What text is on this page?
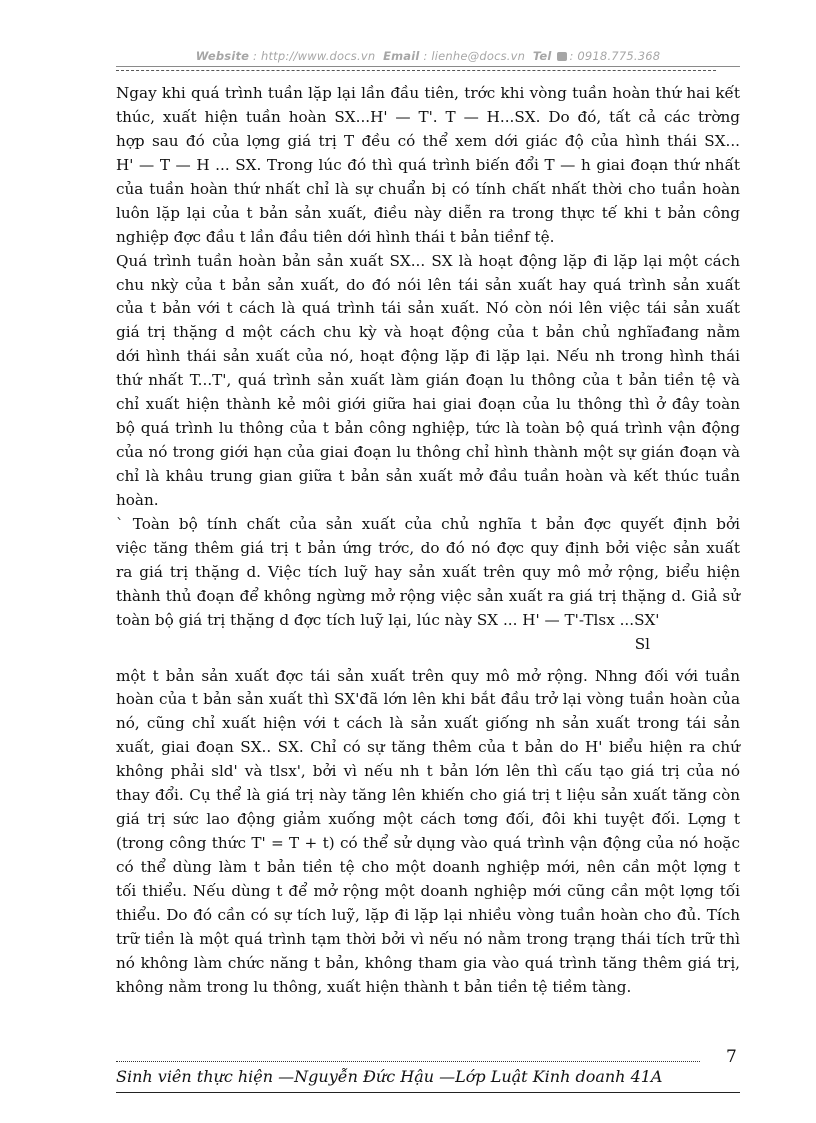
Website : http://www.docs.vn Email : lienhe@docs.vn Tel : 0918.775.368
Ngay khi quá trình tuần lặp lại lần đầu tiên, trớc khi vòng tuần hoàn thứ hai kết
thúc, xuất hiện tuần hoàn SX...H' — T'. T — H...SX. Do đó, tất cả các trờng
hợp sau đó của lợng giá trị T đều có thể xem dới giác độ của hình thái SX...
H' — T — H ... SX. Trong lúc đó thì quá trình biến đổi T — h giai đoạn thứ nhất
của tuần hoàn thứ nhất chỉ là sự chuẩn bị có tính chất nhất thời cho tuần hoàn
luôn lặp lại của t bản sản xuất, điều này diễn ra trong thực tế khi t bản công
nghiệp đợc đầu t lần đầu tiên dới hình thái t bản tiềnf tệ.
Quá trình tuần hoàn bản sản xuất SX... SX là hoạt động lặp đi lặp lại một cách
chu nkỳ của t bản sản xuất, do đó nói lên tái sản xuất hay quá trình sản xuất
của t bản với t cách là quá trình tái sản xuất. Nó còn nói lên việc tái sản xuất
giá trị thặng d một cách chu kỳ và hoạt động của t bản chủ nghĩađang nằm
dới hình thái sản xuất của nó, hoạt động lặp đi lặp lại. Nếu nh trong hình thái
thứ nhất T...T', quá trình sản xuất làm gián đoạn lu thông của t bản tiền tệ và
chỉ xuất hiện thành kẻ môi giới giữa hai giai đoạn của lu thông thì ở đây toàn
bộ quá trình lu thông của t bản công nghiệp, tức là toàn bộ quá trình vận động
của nó trong giới hạn của giai đoạn lu thông chỉ hình thành một sự gián đoạn và
chỉ là khâu trung gian giữa t bản sản xuất mở đầu tuần hoàn và kết thúc tuần
hoàn.
` Toàn bộ tính chất của sản xuất của chủ nghĩa t bản đợc quyết định bởi
việc tăng thêm giá trị t bản ứng trớc, do đó nó đợc quy định bởi việc sản xuất
ra giá trị thặng d. Việc tích luỹ hay sản xuất trên quy mô mở rộng, biểu hiện
thành thủ đoạn để không ngừng mở rộng việc sản xuất ra giá trị thặng d. Giả sử
toàn bộ giá trị thặng d đợc tích luỹ lại, lúc này SX ... H' — T'-Tlsx ...SX'
Sl
một t bản sản xuất đợc tái sản xuất trên quy mô mở rộng. Nhng đối với tuần
hoàn của t bản sản xuất thì SX'đã lớn lên khi bắt đầu trở lại vòng tuần hoàn của
nó, cũng chỉ xuất hiện với t cách là sản xuất giống nh sản xuất trong tái sản
xuất, giai đoạn SX.. SX. Chỉ có sự tăng thêm của t bản do H' biểu hiện ra chứ
không phải sld' và tlsx', bởi vì nếu nh t bản lớn lên thì cấu tạo giá trị của nó
thay đổi. Cụ thể là giá trị này tăng lên khiến cho giá trị t liệu sản xuất tăng còn
giá trị sức lao động giảm xuống một cách tơng đối, đôi khi tuyệt đối. Lợng t
(trong công thức T' = T + t) có thể sử dụng vào quá trình vận động của nó hoặc
có thể dùng làm t bản tiền tệ cho một doanh nghiệp mới, nên cần một lợng t
tối thiểu. Nếu dùng t để mở rộng một doanh nghiệp mới cũng cần một lợng tối
thiểu. Do đó cần có sự tích luỹ, lặp đi lặp lại nhiều vòng tuần hoàn cho đủ. Tích
trữ tiền là một quá trình tạm thời bởi vì nếu nó nằm trong trạng thái tích trữ thì
nó không làm chức năng t bản, không tham gia vào quá trình tăng thêm giá trị,
không nằm trong lu thông, xuất hiện thành t bản tiền tệ tiềm tàng.
7
Sinh viên thực hiện —Nguyễn Đức Hậu —Lớp Luật Kinh doanh 41A
